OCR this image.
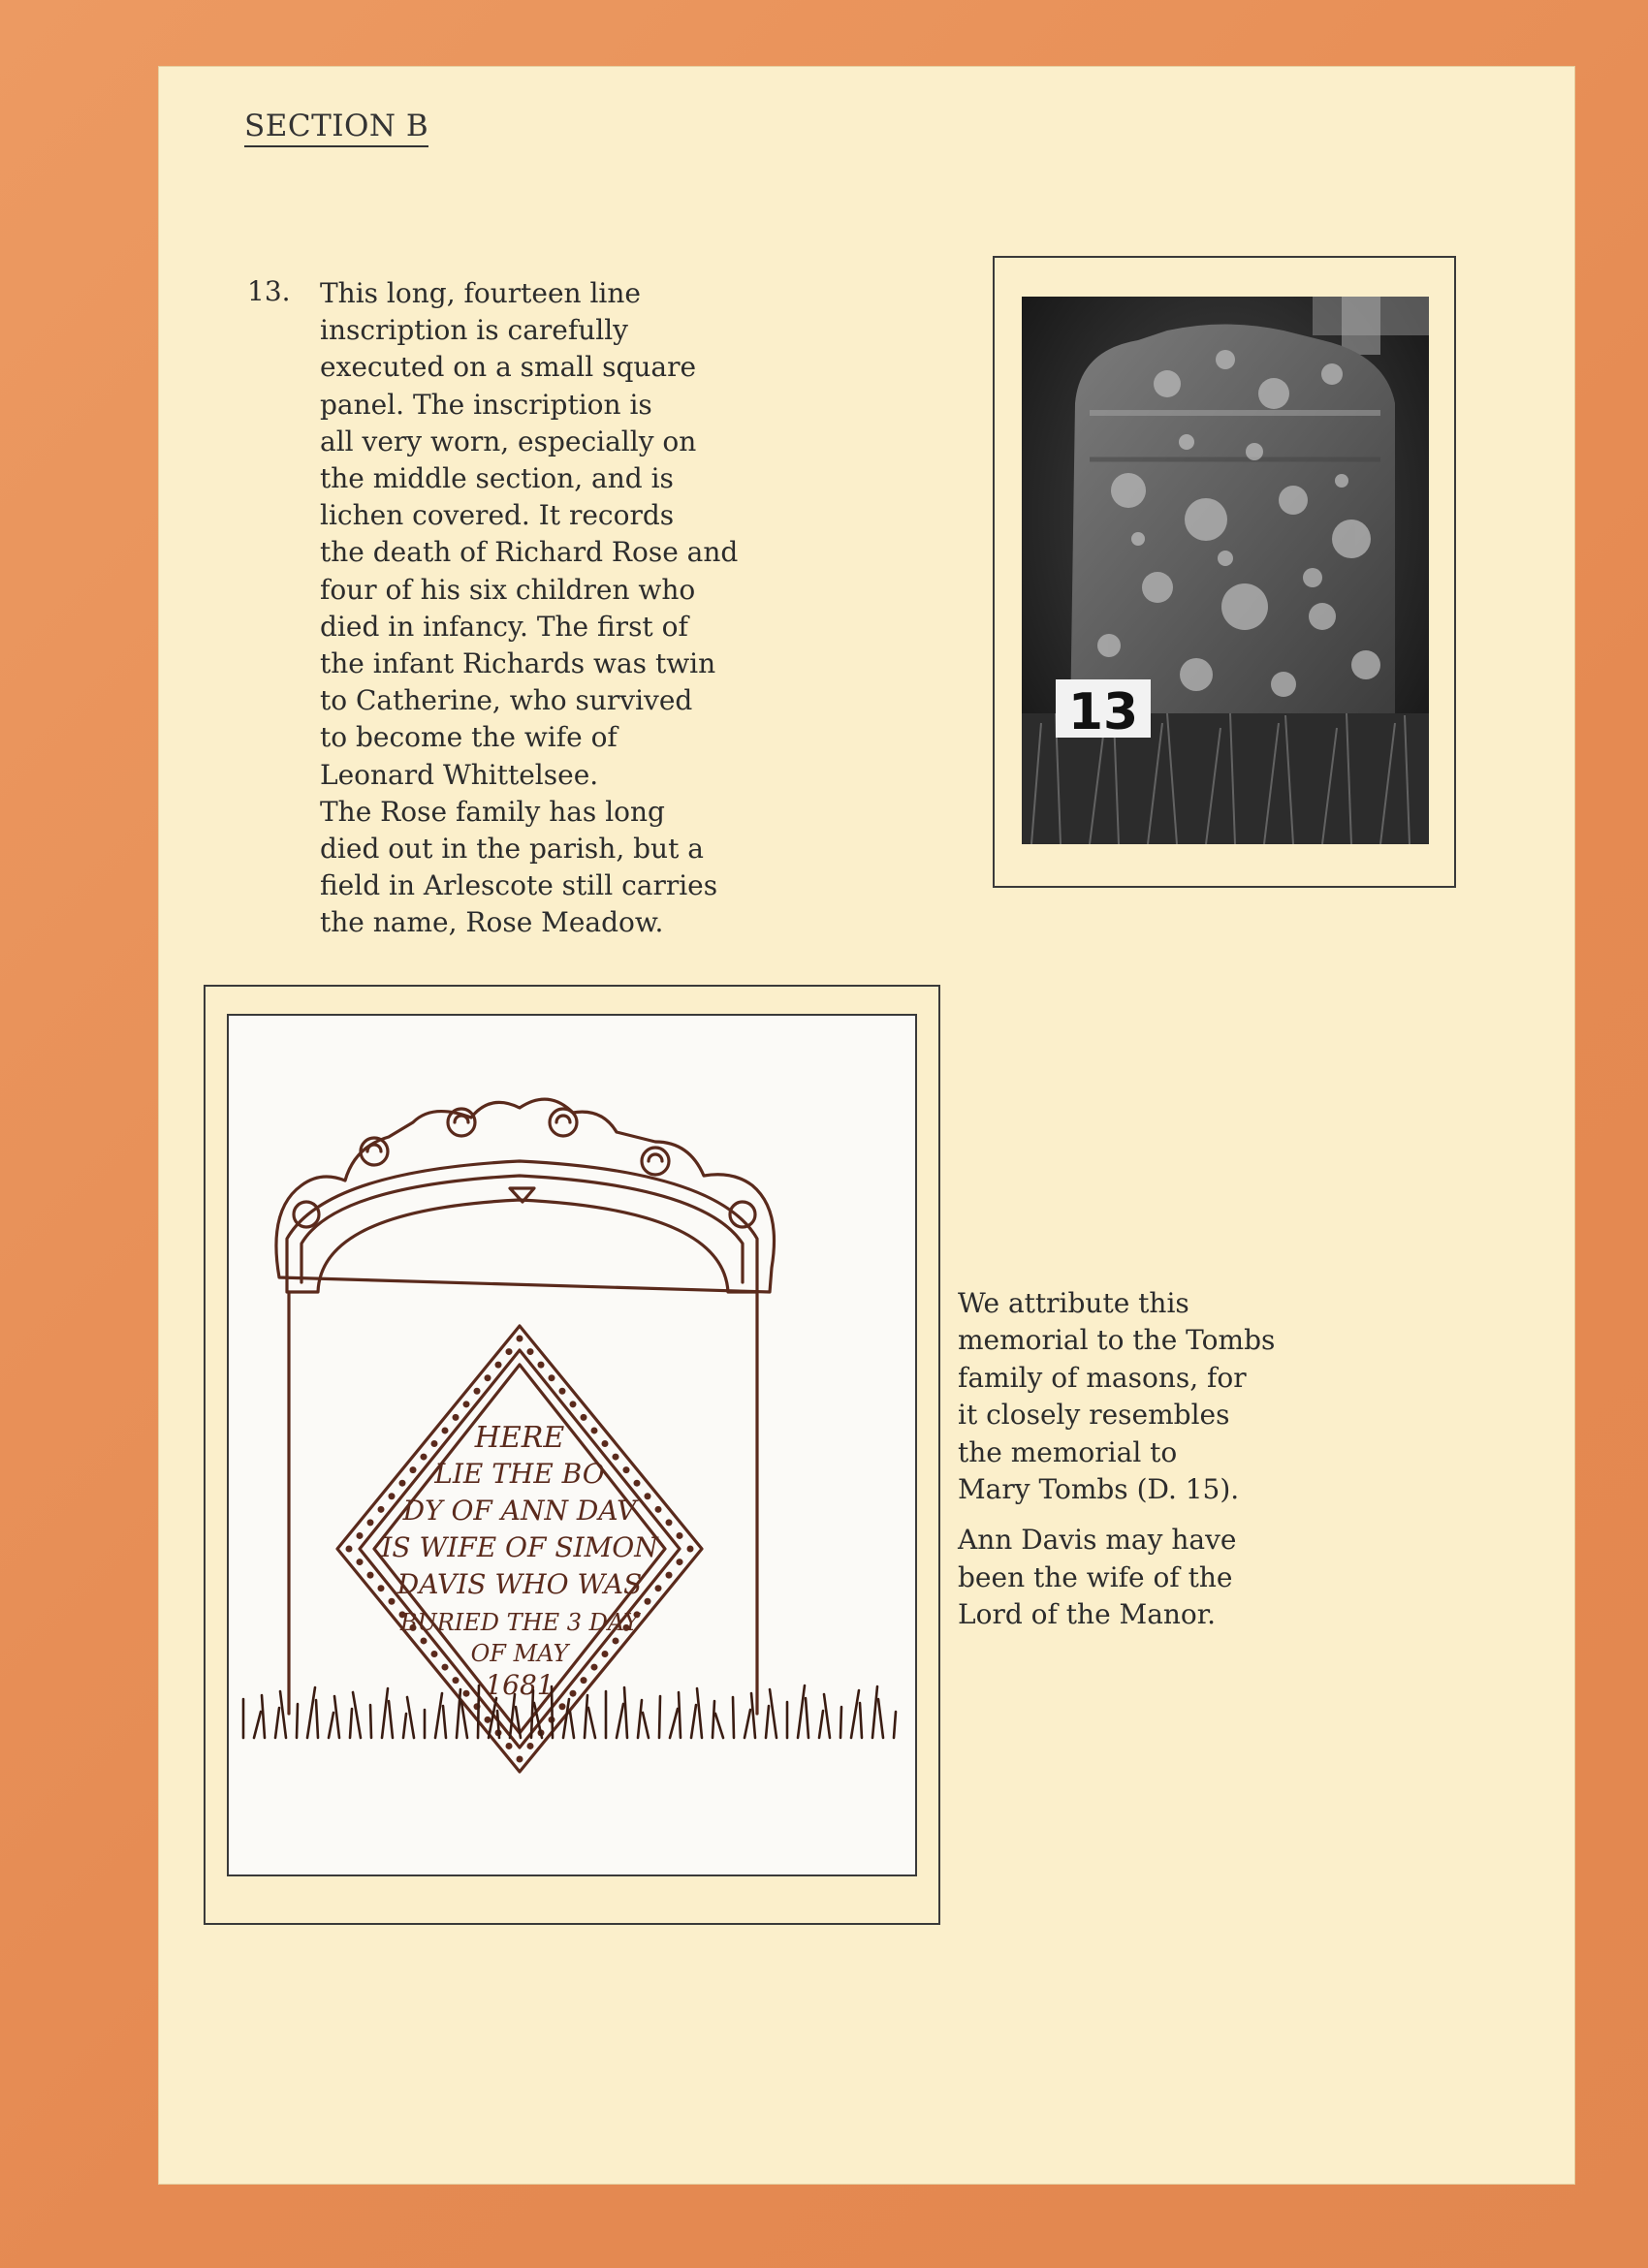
SECTION B
13. This long, fourteen line
inscription is carefully
executed on a small square
panel. The inscription is
all very worn, especially on
the middle section, and is
lichen covered. It records
the death of Richard Rose and
four of his six children who
died in infancy. The first of
the infant Richards was twin
to Catherine, who survived
to become the wife of
Leonard Whittelsee.
The Rose family has long
died out in the parish, but a
field in Arlescote still carries
the name, Rose Meadow.
13
HERE
LIE THE BO
DY OF ANN DAV
IS WIFE OF SIMON
DAVIS WHO WAS
BURIED THE 3 DAY
OF MAY
1681
We attribute this
memorial to the Tombs
family of masons, for
it closely resembles
the memorial to
Mary Tombs (D. 15).
Ann Davis may have
been the wife of the
Lord of the Manor.
